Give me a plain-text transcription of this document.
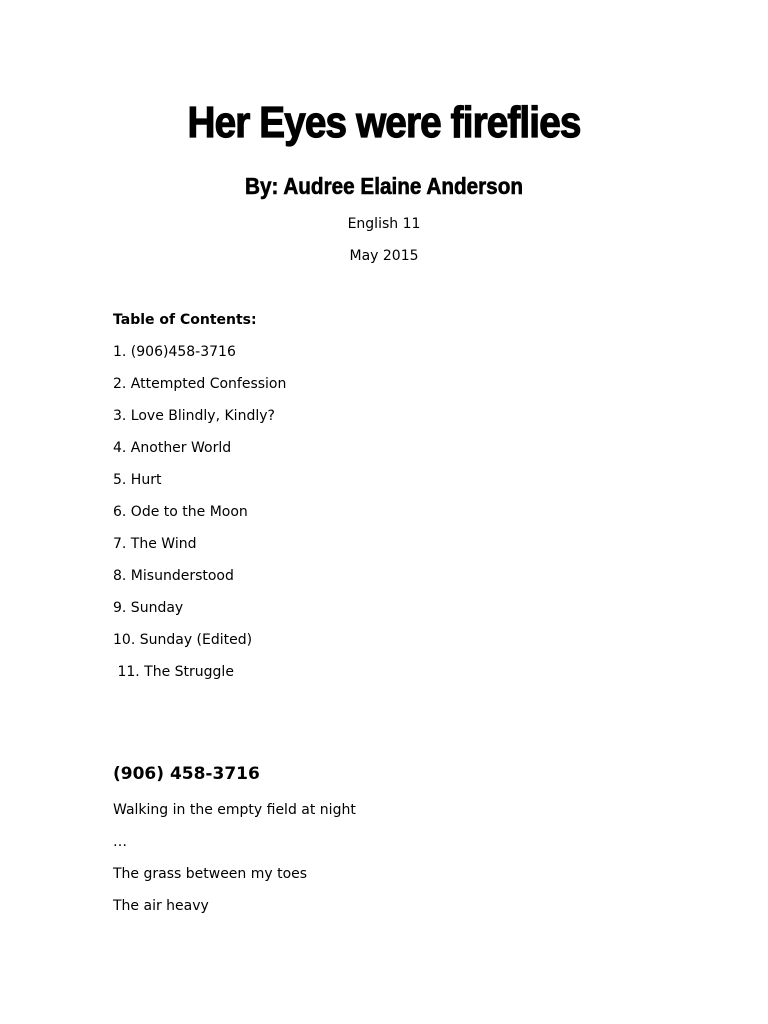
Her Eyes were fireflies
By: Audree Elaine Anderson
English 11
May 2015
Table of Contents:
1. (906)458-3716
2. Attempted Confession
3. Love Blindly, Kindly?
4. Another World
5. Hurt
6. Ode to the Moon
7. The Wind
8. Misunderstood
9. Sunday
10. Sunday (Edited)
11. The Struggle
(906) 458-3716
Walking in the empty field at night
…
The grass between my toes
The air heavy
